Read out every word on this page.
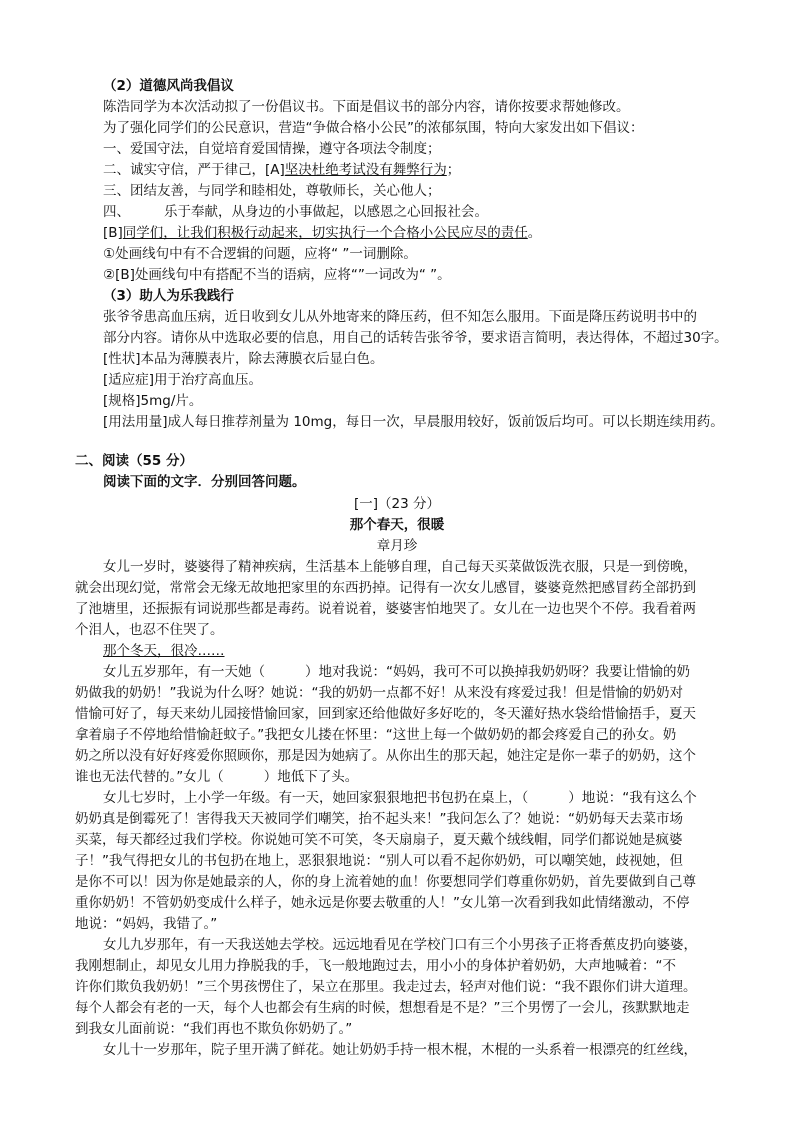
（2）道德风尚我倡议
陈浩同学为本次活动拟了一份倡议书。下面是倡议书的部分内容，请你按要求帮她修改。
为了强化同学们的公民意识，营造“争做合格小公民”的浓郁氛围，特向大家发出如下倡议：
一、爱国守法，自觉培育爱国情操，遵守各项法令制度；
二、诚实守信，严于律己，[A]坚决杜绝考试没有舞弊行为；
三、团结友善，与同学和睦相处，尊敬师长，关心他人；
四、	乐于奉献，从身边的小事做起，以感恩之心回报社会。
[B]同学们，让我们积极行动起来，切实执行一个合格小公民应尽的责任。
①处画线句中有不合逻辑的问题，应将“ ”一词删除。
②[B]处画线句中有搭配不当的语病，应将“”一词改为“ ”。
（3）助人为乐我践行
张爷爷患高血压病，近日收到女儿从外地寄来的降压药，但不知怎么服用。下面是降压药说明书中的
部分内容。请你从中选取必要的信息，用自己的话转告张爷爷，要求语言简明，表达得体，不超过30字。
[性状]本品为薄膜表片，除去薄膜衣后显白色。
[适应症]用于治疗高血压。
[规格]5mg/片。
[用法用量]成人每日推荐剂量为 10mg，每日一次，早晨服用较好，饭前饭后均可。可以长期连续用药。
二、阅读（55 分）
阅读下面的文字．分别回答问题。
[一]（23 分）
那个春天，很暖
章月珍
女儿一岁时，婆婆得了精神疾病，生活基本上能够自理，自己每天买菜做饭洗衣服，只是一到傍晚，
就会出现幻觉，常常会无缘无故地把家里的东西扔掉。记得有一次女儿感冒，婆婆竟然把感冒药全部扔到
了池塘里，还振振有词说那些都是毒药。说着说着，婆婆害怕地哭了。女儿在一边也哭个不停。我看着两
个泪人，也忍不住哭了。
那个冬天，很冷……
女儿五岁那年，有一天她（	）地对我说：“妈妈，我可不可以换掉我奶奶呀？我要让惜愉的奶
奶做我的奶奶！”我说为什么呀？她说：“我的奶奶一点都不好！从来没有疼爱过我！但是惜愉的奶奶对
惜愉可好了，每天来幼儿园接惜愉回家，回到家还给他做好多好吃的，冬天灌好热水袋给惜愉捂手，夏天
拿着扇子不停地给惜愉赶蚊子。”我把女儿搂在怀里：“这世上每一个做奶奶的都会疼爱自己的孙女。奶
奶之所以没有好好疼爱你照顾你，那是因为她病了。从你出生的那天起，她注定是你一辈子的奶奶，这个
谁也无法代替的。”女儿（	）地低下了头。
女儿七岁时，上小学一年级。有一天，她回家狠狠地把书包扔在桌上，（	）地说：“我有这么个
奶奶真是倒霉死了！害得我天天被同学们嘲笑，抬不起头来！”我问怎么了？她说：“奶奶每天去菜市场
买菜，每天都经过我们学校。你说她可笑不可笑，冬天扇扇子，夏天戴个绒线帽，同学们都说她是疯婆
子！”我气得把女儿的书包扔在地上，恶狠狠地说：“别人可以看不起你奶奶，可以嘲笑她，歧视她，但
是你不可以！因为你是她最亲的人，你的身上流着她的血！你要想同学们尊重你奶奶，首先要做到自己尊
重你奶奶！不管奶奶变成什么样子，她永远是你要去敬重的人！”女儿第一次看到我如此情绪激动，不停
地说：“妈妈，我错了。”
女儿九岁那年，有一天我送她去学校。远远地看见在学校门口有三个小男孩子正将香蕉皮扔向婆婆，
我刚想制止，却见女儿用力挣脱我的手，飞一般地跑过去，用小小的身体护着奶奶，大声地喊着：“不
许你们欺负我奶奶！”三个男孩愣住了，呆立在那里。我走过去，轻声对他们说：“我不跟你们讲大道理。
每个人都会有老的一天，每个人也都会有生病的时候，想想看是不是？”三个男愣了一会儿，孩默默地走
到我女儿面前说：“我们再也不欺负你奶奶了。”
女儿十一岁那年，院子里开满了鲜花。她让奶奶手持一根木棍，木棍的一头系着一根漂亮的红丝线，
